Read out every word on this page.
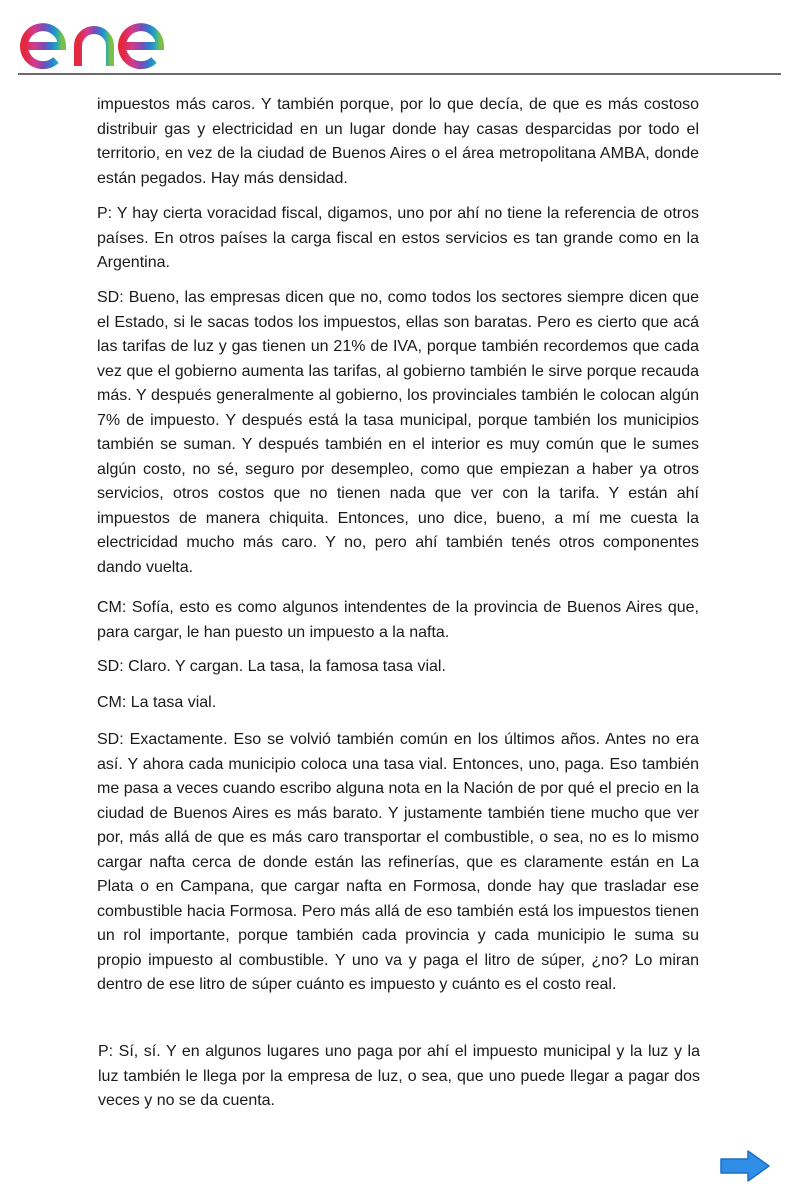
impuestos más caros. Y también porque, por lo que decía, de que es más costoso distribuir gas y electricidad en un lugar donde hay casas desparcidas por todo el territorio, en vez de la ciudad de Buenos Aires o el área metropolitana AMBA, donde están pegados. Hay más densidad.

P: Y hay cierta voracidad fiscal, digamos, uno por ahí no tiene la referencia de otros países. En otros países la carga fiscal en estos servicios es tan grande como en la Argentina.

SD: Bueno, las empresas dicen que no, como todos los sectores siempre dicen que el Estado, si le sacas todos los impuestos, ellas son baratas. Pero es cierto que acá las tarifas de luz y gas tienen un 21% de IVA, porque también recordemos que cada vez que el gobierno aumenta las tarifas, al gobierno también le sirve porque recauda más. Y después generalmente al gobierno, los provinciales también le colocan algún 7% de impuesto. Y después está la tasa municipal, porque también los municipios también se suman. Y después también en el interior es muy común que le sumes algún costo, no sé, seguro por desempleo, como que empiezan a haber ya otros servicios, otros costos que no tienen nada que ver con la tarifa. Y están ahí impuestos de manera chiquita. Entonces, uno dice, bueno, a mí me cuesta la electricidad mucho más caro. Y no, pero ahí también tenés otros componentes dando vuelta.

CM: Sofía, esto es como algunos intendentes de la provincia de Buenos Aires que, para cargar, le han puesto un impuesto a la nafta.

SD: Claro. Y cargan. La tasa, la famosa tasa vial.

CM: La tasa vial.

SD: Exactamente. Eso se volvió también común en los últimos años. Antes no era así. Y ahora cada municipio coloca una tasa vial. Entonces, uno, paga. Eso también me pasa a veces cuando escribo alguna nota en la Nación de por qué el precio en la ciudad de Buenos Aires es más barato. Y justamente también tiene mucho que ver por, más allá de que es más caro transportar el combustible, o sea, no es lo mismo cargar nafta cerca de donde están las refinerías, que es claramente están en La Plata o en Campana, que cargar nafta en Formosa, donde hay que trasladar ese combustible hacia Formosa. Pero más allá de eso también está los impuestos tienen un rol importante, porque también cada provincia y cada municipio le suma su propio impuesto al combustible. Y uno va y paga el litro de súper, ¿no? Lo miran dentro de ese litro de súper cuánto es impuesto y cuánto es el costo real.

P: Sí, sí. Y en algunos lugares uno paga por ahí el impuesto municipal y la luz y la luz también le llega por la empresa de luz, o sea, que uno puede llegar a pagar dos veces y no se da cuenta.
